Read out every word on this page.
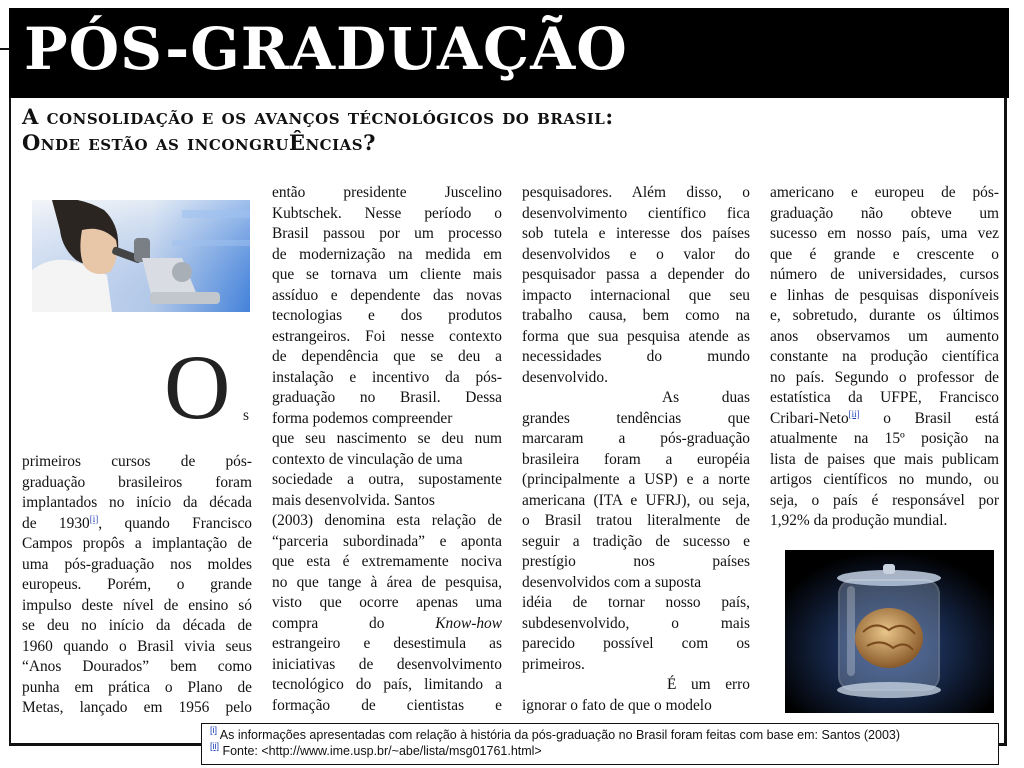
PÓS-GRADUAÇÃO
A consolidação e os avanços técnológicos do brasil:
Onde estão as incongruÊncias?
O s
primeiros cursos de pós-
graduação brasileiros foram
implantados no início da década
de 1930[i], quando Francisco
Campos propôs a implantação de
uma pós-graduação nos moldes
europeus. Porém, o grande
impulso deste nível de ensino só
se deu no início da década de
1960 quando o Brasil vivia seus
“Anos Dourados” bem como
punha em prática o Plano de
Metas, lançado em 1956 pelo
então presidente Juscelino
Kubtschek. Nesse período o
Brasil passou por um processo
de modernização na medida em
que se tornava um cliente mais
assíduo e dependente das novas
tecnologias e dos produtos
estrangeiros. Foi nesse contexto
de dependência que se deu a
instalação e incentivo da pós-
graduação no Brasil. Dessa
forma podemos compreender
que seu nascimento se deu num
contexto de vinculação de uma
sociedade a outra, supostamente
mais desenvolvida. Santos
(2003) denomina esta relação de
“parceria subordinada” e aponta
que esta é extremamente nociva
no que tange à área de pesquisa,
visto que ocorre apenas uma
compra do Know-how
estrangeiro e desestimula as
iniciativas de desenvolvimento
tecnológico do país, limitando a
formação de cientistas e
pesquisadores. Além disso, o
desenvolvimento científico fica
sob tutela e interesse dos países
desenvolvidos e o valor do
pesquisador passa a depender do
impacto internacional que seu
trabalho causa, bem como na
forma que sua pesquisa atende as
necessidades do mundo
desenvolvido.
As duas
grandes tendências que
marcaram a pós-graduação
brasileira foram a européia
(principalmente a USP) e a norte
americana (ITA e UFRJ), ou seja,
o Brasil tratou literalmente de
seguir a tradição de sucesso e
prestígio nos países
desenvolvidos com a suposta
idéia de tornar nosso país,
subdesenvolvido, o mais
parecido possível com os
primeiros.
É um erro
ignorar o fato de que o modelo
americano e europeu de pós-
graduação não obteve um
sucesso em nosso país, uma vez
que é grande e crescente o
número de universidades, cursos
e linhas de pesquisas disponíveis
e, sobretudo, durante os últimos
anos observamos um aumento
constante na produção científica
no país. Segundo o professor de
estatística da UFPE, Francisco
Cribari-Neto[ii] o Brasil está
atualmente na 15º posição na
lista de paises que mais publicam
artigos científicos no mundo, ou
seja, o país é responsável por
1,92% da produção mundial.
[i] As informações apresentadas com relação à história da pós-graduação no Brasil foram feitas com base em: Santos (2003)
[ii] Fonte: <http://www.ime.usp.br/~abe/lista/msg01761.html>
